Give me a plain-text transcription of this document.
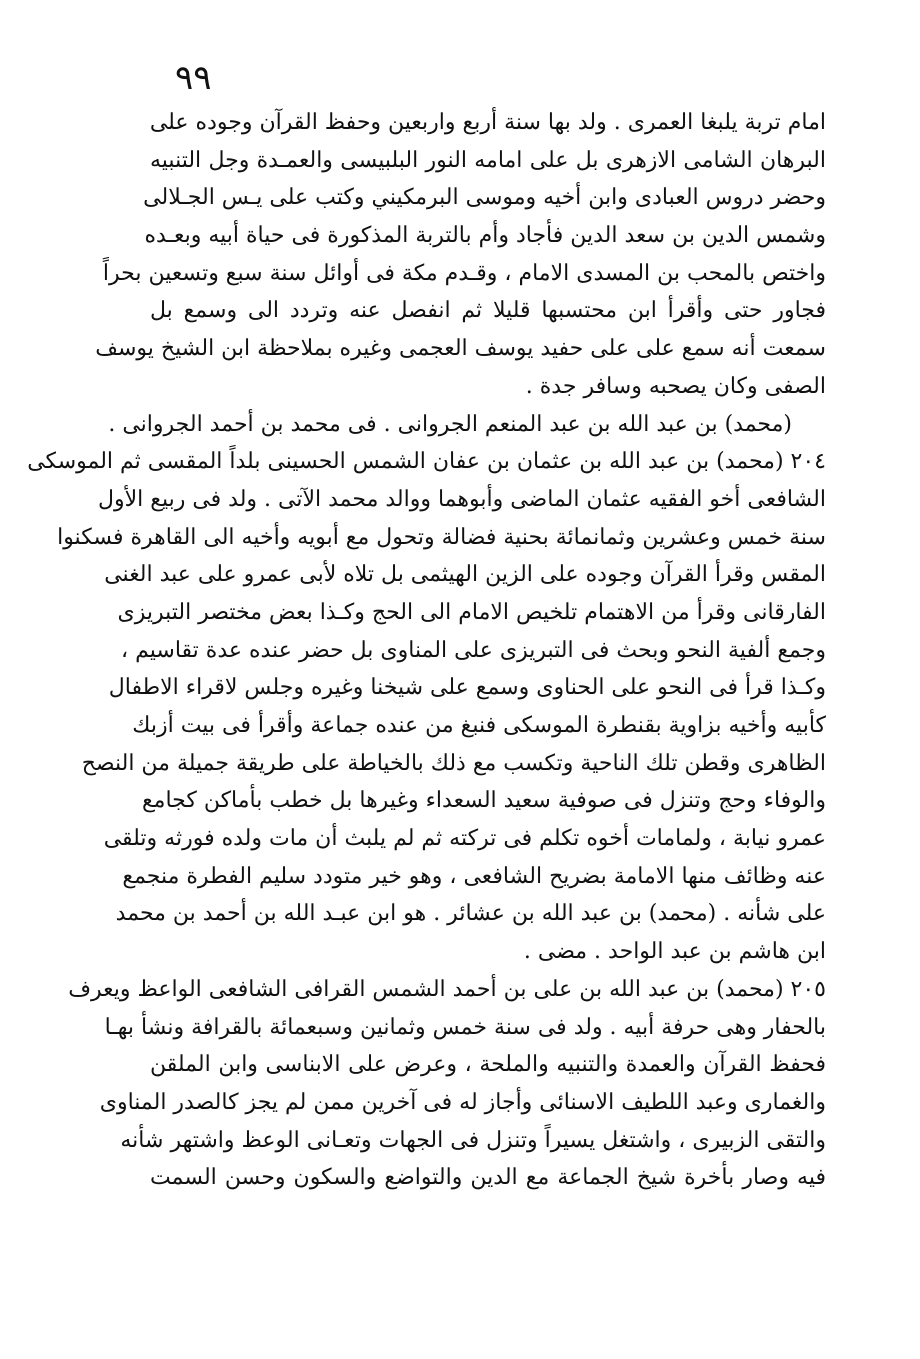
٩٩
امام تربة يلبغا العمرى . ولد بها سنة أربع واربعين وحفظ القرآن وجوده على
البرهان الشامى الازهرى بل على امامه النور البلبيسى والعمـدة وجل التنبيه
وحضر دروس العبادى وابن أخيه وموسى البرمكيني وكتب على يـس الجـلالى
وشمس الدين بن سعد الدين فأجاد وأم بالتربة المذكورة فى حياة أبيه وبعـده
واختص بالمحب بن المسدى الامام ، وقـدم مكة فى أوائل سنة سبع وتسعين بحراً
فجاور حتى وأقرأ ابن محتسبها قليلا ثم انفصل عنه وتردد الى وسمع بل
سمعت أنه سمع على على حفيد يوسف العجمى وغيره بملاحظة ابن الشيخ يوسف
الصفى وكان يصحبه وسافر جدة .
(محمد) بن عبد الله بن عبد المنعم الجروانى . فى محمد بن أحمد الجروانى .
٢٠٤ (محمد) بن عبد الله بن عثمان بن عفان الشمس الحسينى بلداً المقسى ثم الموسكى
الشافعى أخو الفقيه عثمان الماضى وأبوهما ووالد محمد الآتى . ولد فى ربيع الأول
سنة خمس وعشرين وثمانمائة بحنية فضالة وتحول مع أبويه وأخيه الى القاهرة فسكنوا
المقس وقرأ القرآن وجوده على الزين الهيثمى بل تلاه لأبى عمرو على عبد الغنى
الفارقانى وقرأ من الاهتمام تلخيص الامام الى الحج وكـذا بعض مختصر التبريزى
وجمع ألفية النحو وبحث فى التبريزى على المناوى بل حضر عنده عدة تقاسيم ،
وكـذا قرأ فى النحو على الحناوى وسمع على شيخنا وغيره وجلس لاقراء الاطفال
كأبيه وأخيه بزاوية بقنطرة الموسكى فنبغ من عنده جماعة وأقرأ فى بيت أزبك
الظاهرى وقطن تلك الناحية وتكسب مع ذلك بالخياطة على طريقة جميلة من النصح
والوفاء وحج وتنزل فى صوفية سعيد السعداء وغيرها بل خطب بأماكن كجامع
عمرو نيابة ، ولمامات أخوه تكلم فى تركته ثم لم يلبث أن مات ولده فورثه وتلقى
عنه وظائف منها الامامة بضريح الشافعى ، وهو خير متودد سليم الفطرة منجمع
على شأنه . (محمد) بن عبد الله بن عشائر . هو ابن عبـد الله بن أحمد بن محمد
ابن هاشم بن عبد الواحد . مضى .
٢٠٥ (محمد) بن عبد الله بن على بن أحمد الشمس القرافى الشافعى الواعظ ويعرف
بالحفار وهى حرفة أبيه . ولد فى سنة خمس وثمانين وسبعمائة بالقرافة ونشأ بهـا
فحفظ القرآن والعمدة والتنبيه والملحة ، وعرض على الابناسى وابن الملقن
والغمارى وعبد اللطيف الاسنائى وأجاز له فى آخرين ممن لم يجز كالصدر المناوى
والتقى الزبيرى ، واشتغل يسيراً وتنزل فى الجهات وتعـانى الوعظ واشتهر شأنه
فيه وصار بأخرة شيخ الجماعة مع الدين والتواضع والسكون وحسن السمت
